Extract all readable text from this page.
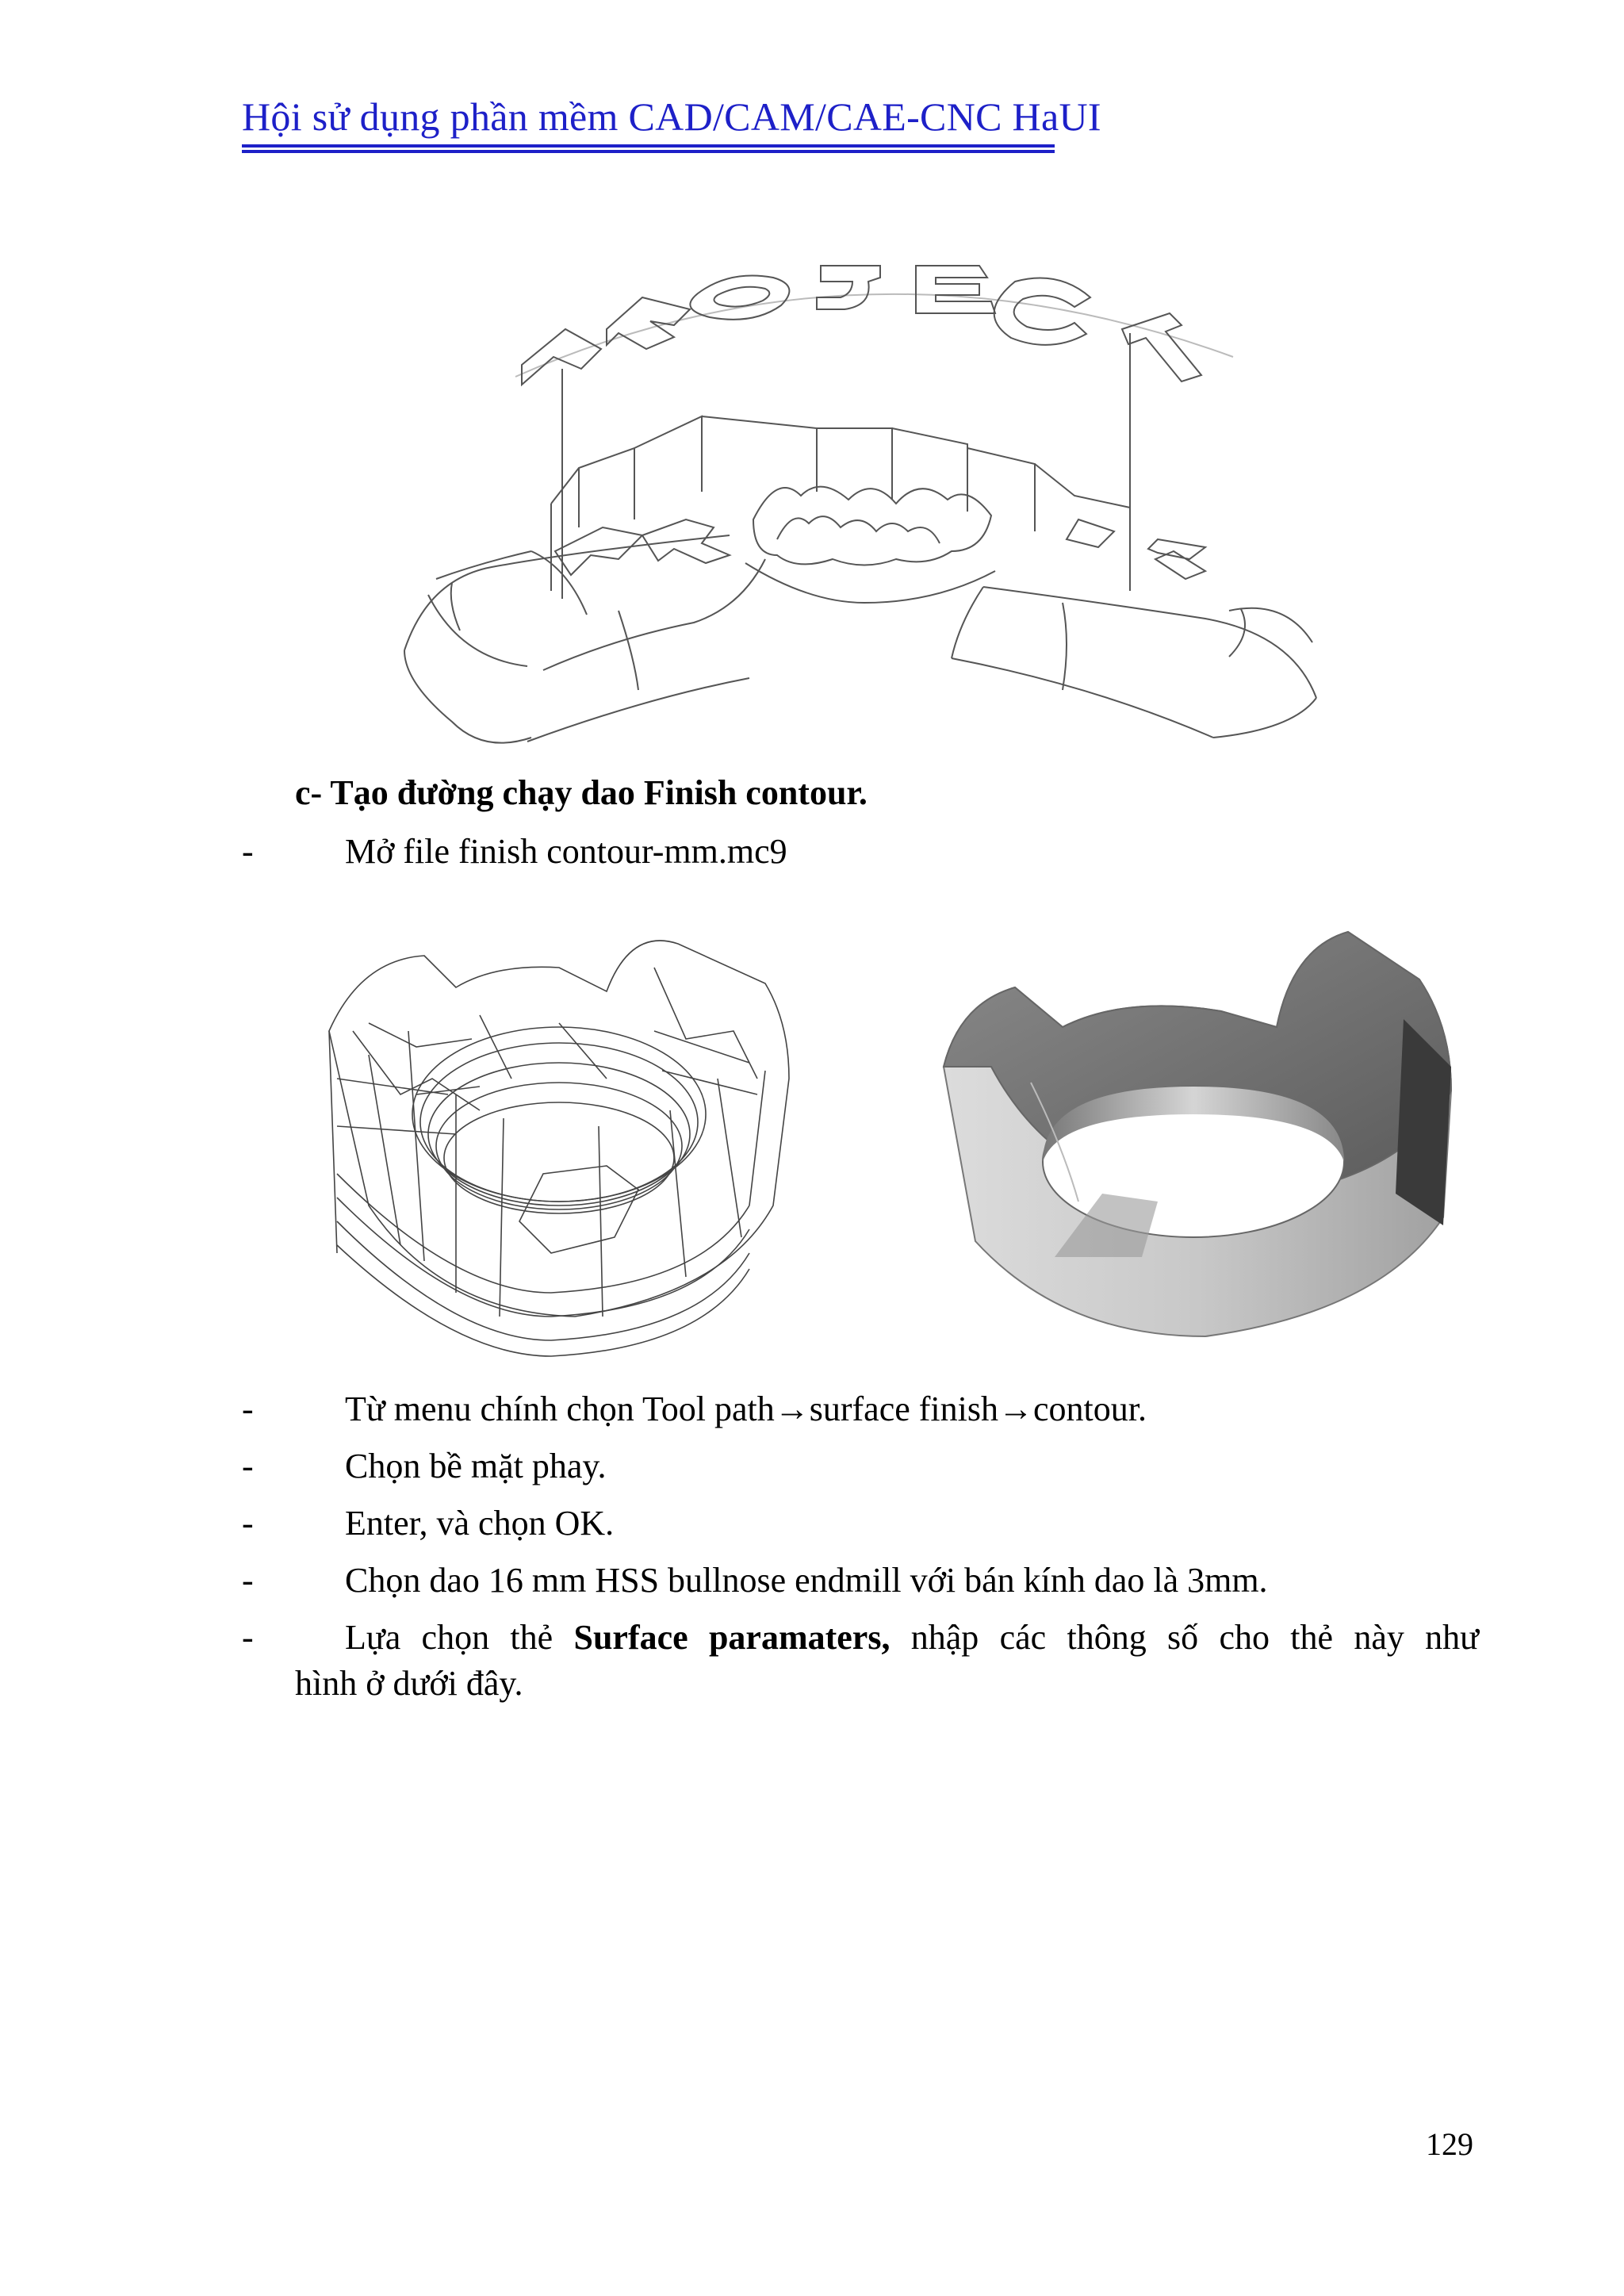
Hội sử dụng phần mềm CAD/CAM/CAE-CNC HaUI
c- Tạo đường chạy dao Finish contour.
-	Mở file finish contour-mm.mc9
-	Từ menu chính chọn Tool path→surface finish→contour.
-	Chọn bề mặt phay.
-	Enter, và chọn OK.
-	Chọn dao 16 mm HSS bullnose endmill với bán kính dao là 3mm.
-	Lựa chọn thẻ Surface paramaters, nhập các thông số cho thẻ này như
hình ở dưới đây.
129
